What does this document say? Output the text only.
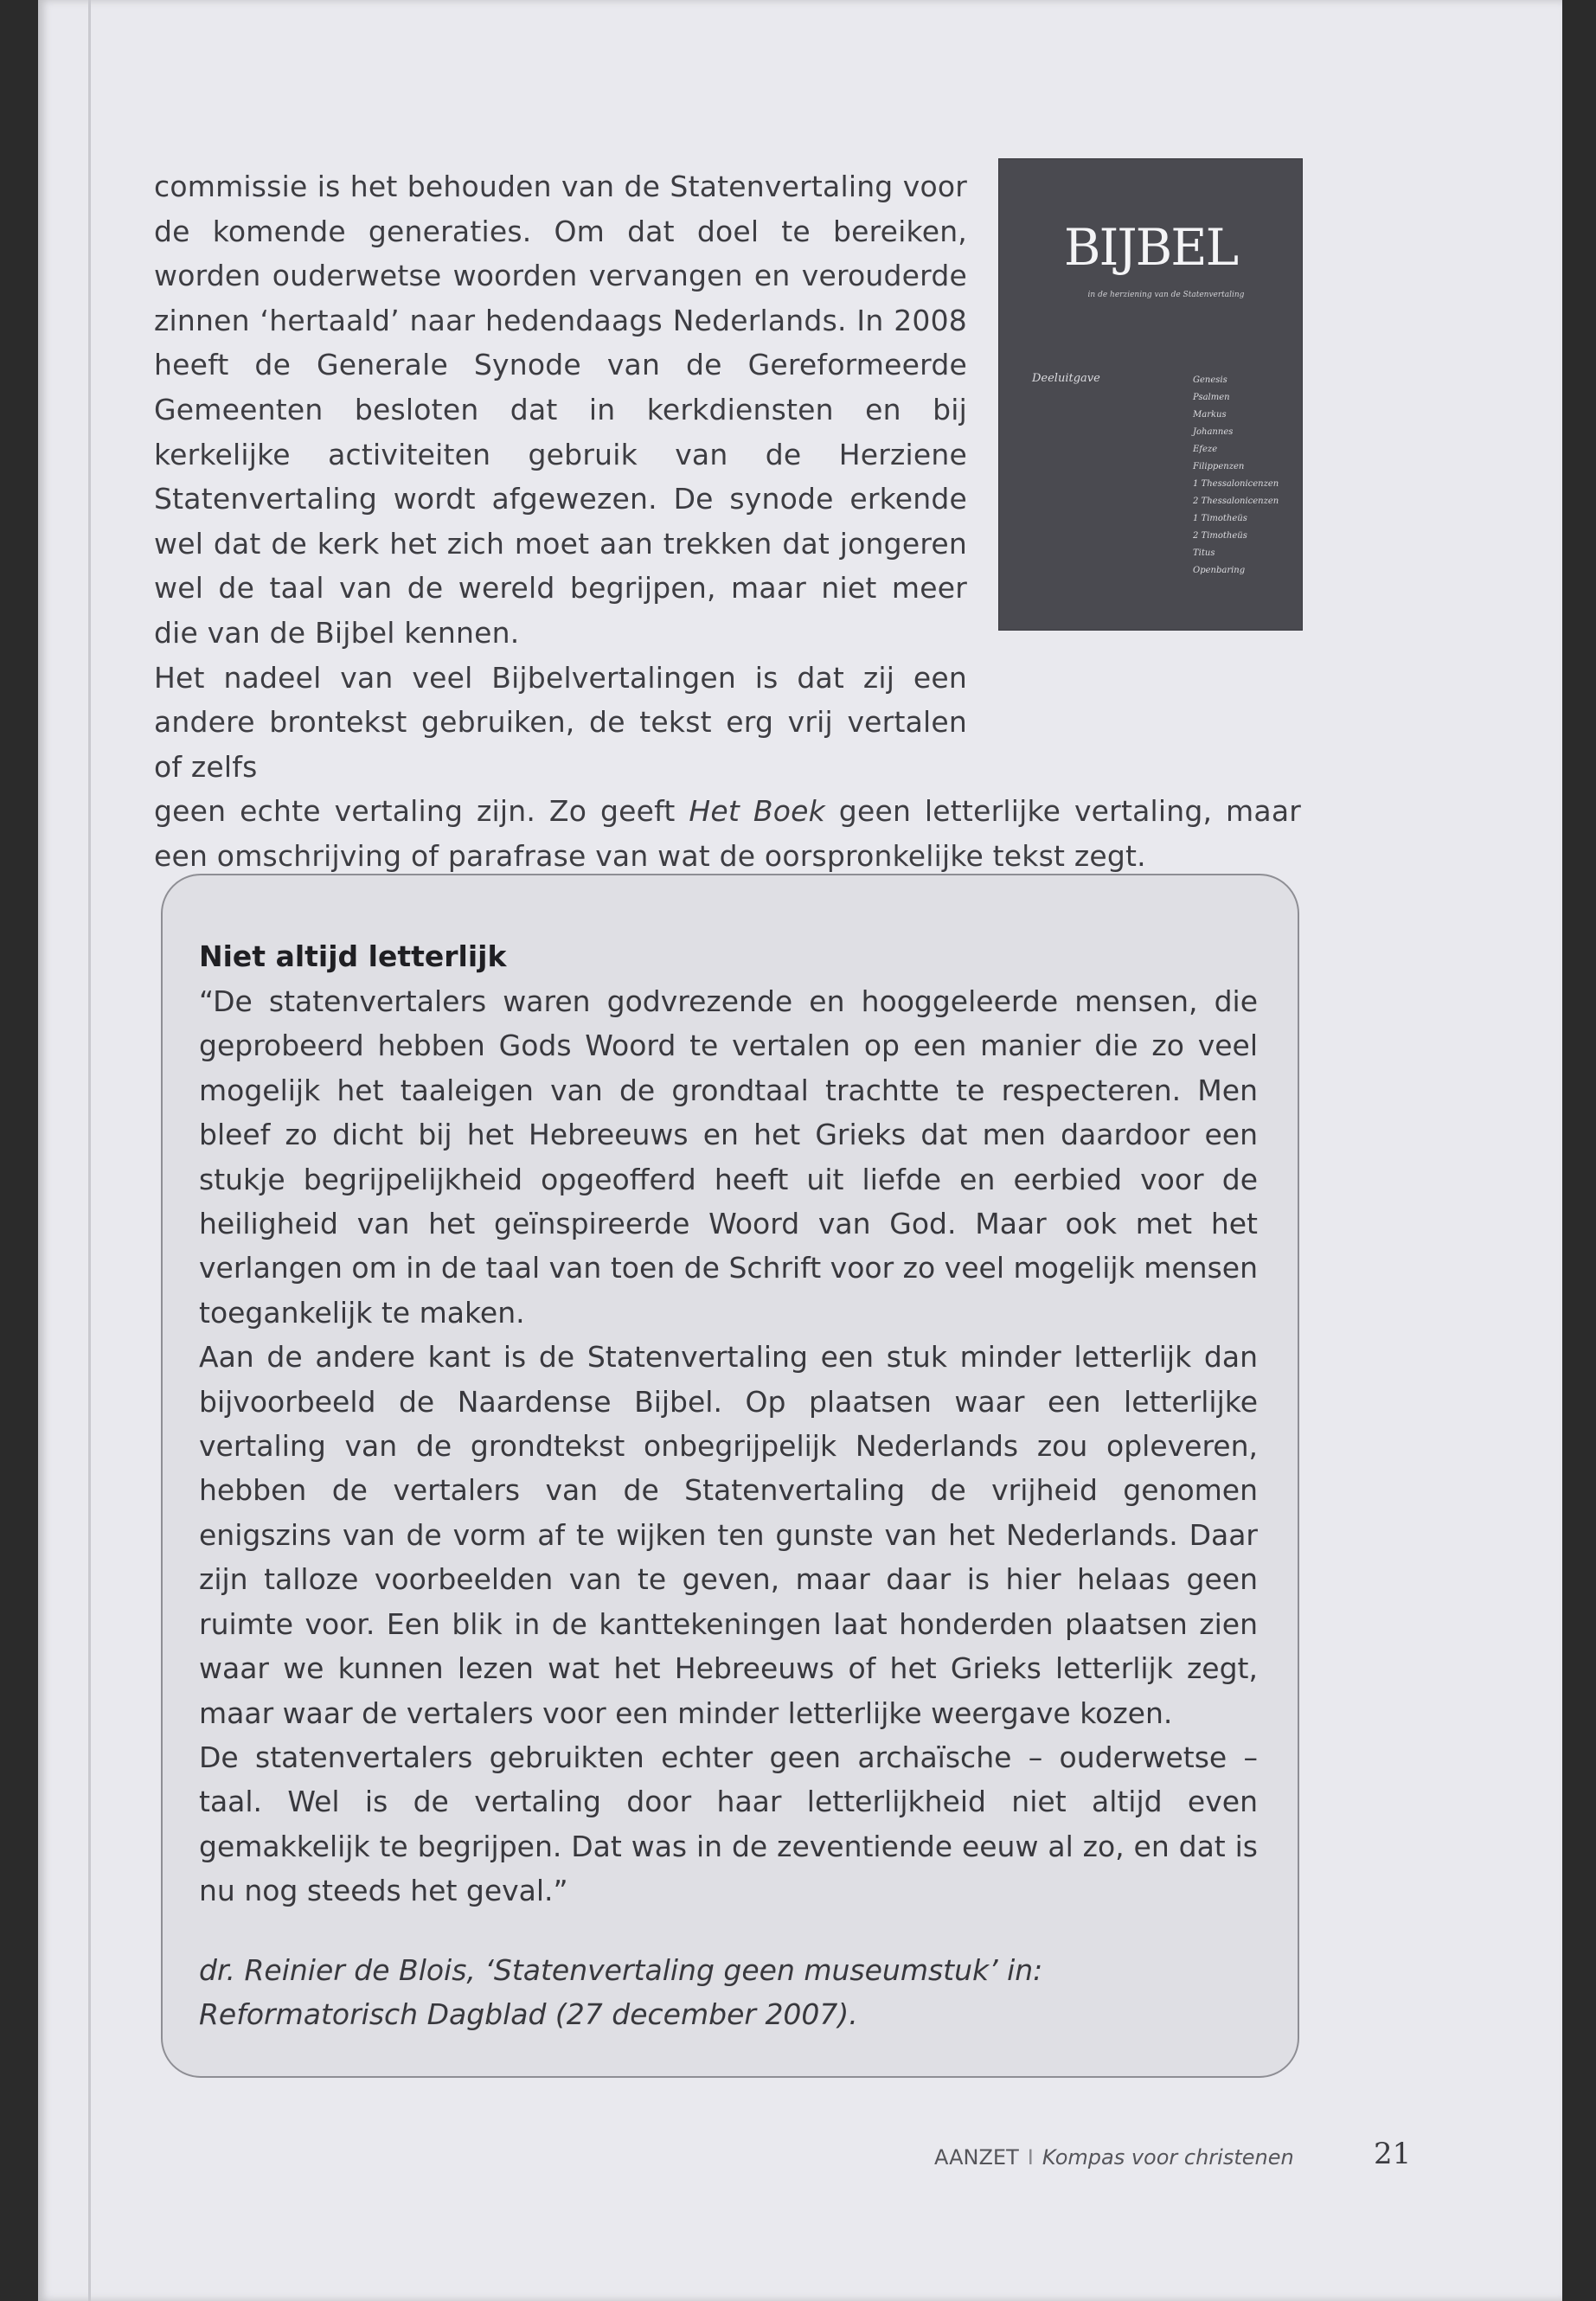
commissie is het behouden van de Statenvertaling voor de komende generaties. Om dat doel te bereiken, worden ouderwetse woorden vervangen en verouderde zinnen ‘hertaald’ naar hedendaags Nederlands. In 2008 heeft de Generale Synode van de Gereformeerde Gemeenten besloten dat in kerkdiensten en bij kerkelijke activiteiten gebruik van de Herziene Statenvertaling wordt afgewezen. De synode erkende wel dat de kerk het zich moet aan trekken dat jongeren wel de taal van de wereld begrijpen, maar niet meer die van de Bijbel kennen.

Het nadeel van veel Bijbelvertalingen is dat zij een andere brontekst gebruiken, de tekst erg vrij vertalen of zelfs

geen echte vertaling zijn. Zo geeft Het Boek geen letterlijke vertaling, maar een omschrijving of parafrase van wat de oorspronkelijke tekst zegt.

BIJBEL
in de herziening van de Statenvertaling
Deeluitgave	Genesis
Psalmen
Markus
Johannes
Efeze
Filippenzen
1 Thessalonicenzen
2 Thessalonicenzen
1 Timotheüs
2 Timotheüs
Titus
Openbaring
Niet altijd letterlijk

“De statenvertalers waren godvrezende en hooggeleerde mensen, die geprobeerd hebben Gods Woord te vertalen op een manier die zo veel mogelijk het taaleigen van de grondtaal trachtte te respecteren. Men bleef zo dicht bij het Hebreeuws en het Grieks dat men daardoor een stukje begrijpelijkheid opgeofferd heeft uit liefde en eerbied voor de heiligheid van het geïnspireerde Woord van God. Maar ook met het verlangen om in de taal van toen de Schrift voor zo veel mogelijk mensen toegankelijk te maken.

Aan de andere kant is de Statenvertaling een stuk minder letterlijk dan bijvoorbeeld de Naardense Bijbel. Op plaatsen waar een letterlijke vertaling van de grondtekst onbegrijpelijk Nederlands zou opleveren, hebben de vertalers van de Statenvertaling de vrijheid genomen enigszins van de vorm af te wijken ten gunste van het Nederlands. Daar zijn talloze voorbeelden van te geven, maar daar is hier helaas geen ruimte voor. Een blik in de kanttekeningen laat honderden plaatsen zien waar we kunnen lezen wat het Hebreeuws of het Grieks letterlijk zegt, maar waar de vertalers voor een minder letterlijke weergave kozen.

De statenvertalers gebruikten echter geen archaïsche – ouderwetse – taal. Wel is de vertaling door haar letterlijkheid niet altijd even gemakkelijk te begrijpen. Dat was in de zeventiende eeuw al zo, en dat is nu nog steeds het geval.”

dr. Reinier de Blois, ‘Statenvertaling geen museumstuk’ in: Reformatorisch Dagblad (27 december 2007).

AANZET I Kompas voor christenen	21
